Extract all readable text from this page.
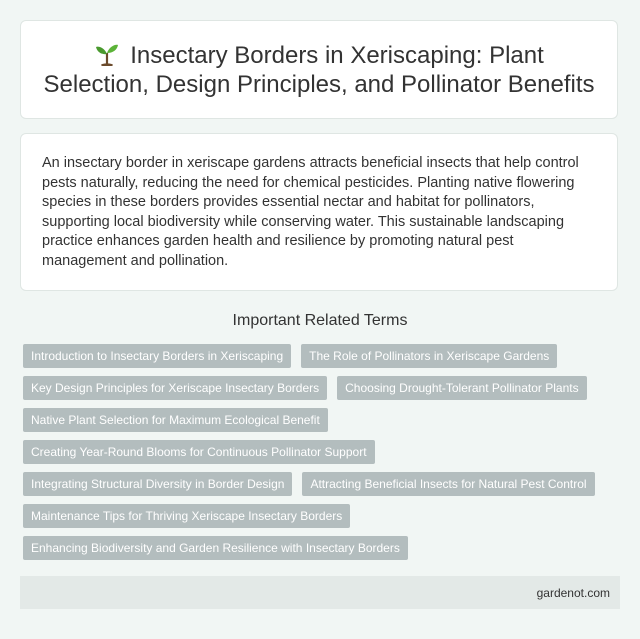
Insectary Borders in Xeriscaping: Plant Selection, Design Principles, and Pollinator Benefits

An insectary border in xeriscape gardens attracts beneficial insects that help control pests naturally, reducing the need for chemical pesticides. Planting native flowering species in these borders provides essential nectar and habitat for pollinators, supporting local biodiversity while conserving water. This sustainable landscaping practice enhances garden health and resilience by promoting natural pest management and pollination.

Important Related Terms
Introduction to Insectary Borders in Xeriscaping	The Role of Pollinators in Xeriscape Gardens
Key Design Principles for Xeriscape Insectary Borders	Choosing Drought-Tolerant Pollinator Plants
Native Plant Selection for Maximum Ecological Benefit
Creating Year-Round Blooms for Continuous Pollinator Support
Integrating Structural Diversity in Border Design	Attracting Beneficial Insects for Natural Pest Control
Maintenance Tips for Thriving Xeriscape Insectary Borders
Enhancing Biodiversity and Garden Resilience with Insectary Borders
gardenot.com
